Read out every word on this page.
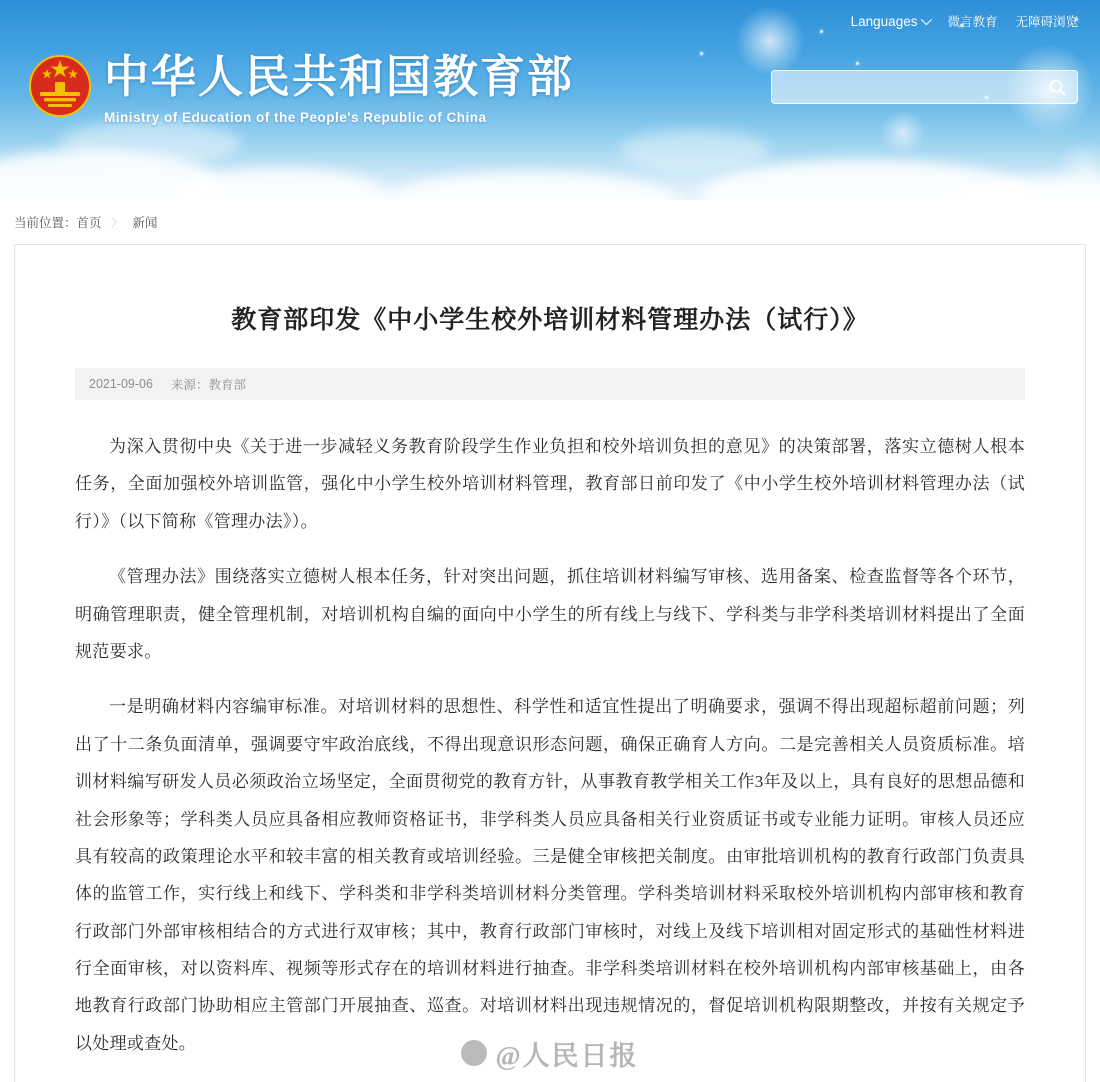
Languages 微言教育 无障碍浏览
中华人民共和国教育部
Ministry of Education of the People's Republic of China
当前位置： 首页 〉 新闻
教育部印发《中小学生校外培训材料管理办法（试行）》
2021-09-06 来源：教育部

为深入贯彻中央《关于进一步减轻义务教育阶段学生作业负担和校外培训负担的意见》的决策部署，落实立德树人根本任务，全面加强校外培训监管，强化中小学生校外培训材料管理，教育部日前印发了《中小学生校外培训材料管理办法（试行）》（以下简称《管理办法》）。

《管理办法》围绕落实立德树人根本任务，针对突出问题，抓住培训材料编写审核、选用备案、检查监督等各个环节，明确管理职责，健全管理机制，对培训机构自编的面向中小学生的所有线上与线下、学科类与非学科类培训材料提出了全面规范要求。

一是明确材料内容编审标准。对培训材料的思想性、科学性和适宜性提出了明确要求，强调不得出现超标超前问题；列出了十二条负面清单，强调要守牢政治底线，不得出现意识形态问题，确保正确育人方向。二是完善相关人员资质标准。培训材料编写研发人员必须政治立场坚定，全面贯彻党的教育方针，从事教育教学相关工作3年及以上，具有良好的思想品德和社会形象等；学科类人员应具备相应教师资格证书，非学科类人员应具备相关行业资质证书或专业能力证明。审核人员还应具有较高的政策理论水平和较丰富的相关教育或培训经验。三是健全审核把关制度。由审批培训机构的教育行政部门负责具体的监管工作，实行线上和线下、学科类和非学科类培训材料分类管理。学科类培训材料采取校外培训机构内部审核和教育行政部门外部审核相结合的方式进行双审核；其中，教育行政部门审核时，对线上及线下培训相对固定形式的基础性材料进行全面审核，对以资料库、视频等形式存在的培训材料进行抽查。非学科类培训材料在校外培训机构内部审核基础上，由各地教育行政部门协助相应主管部门开展抽查、巡查。对培训材料出现违规情况的，督促培训机构限期整改，并按有关规定予以处理或查处。	@人民日报
